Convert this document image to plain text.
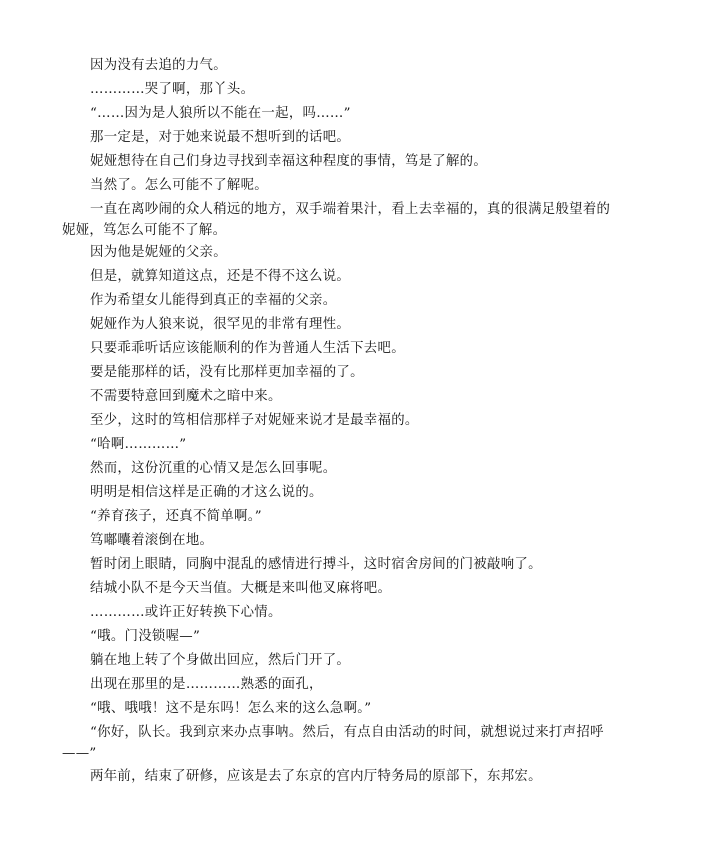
因为没有去追的力气。

…………哭了啊，那丫头。

“……因为是人狼所以不能在一起，吗……”

那一定是，对于她来说最不想听到的话吧。

妮娅想待在自己们身边寻找到幸福这种程度的事情，笃是了解的。

当然了。怎么可能不了解呢。

一直在离吵闹的众人稍远的地方，双手端着果汁，看上去幸福的，真的很满足般望着的妮娅，笃怎么可能不了解。

因为他是妮娅的父亲。

但是，就算知道这点，还是不得不这么说。

作为希望女儿能得到真正的幸福的父亲。

妮娅作为人狼来说，很罕见的非常有理性。

只要乖乖听话应该能顺利的作为普通人生活下去吧。

要是能那样的话，没有比那样更加幸福的了。

不需要特意回到魔术之暗中来。

至少，这时的笃相信那样子对妮娅来说才是最幸福的。

“哈啊…………”

然而，这份沉重的心情又是怎么回事呢。

明明是相信这样是正确的才这么说的。

“养育孩子，还真不简单啊。”

笃嘟囔着滚倒在地。

暂时闭上眼睛，同胸中混乱的感情进行搏斗，这时宿舍房间的门被敲响了。

结城小队不是今天当值。大概是来叫他叉麻将吧。

…………或许正好转换下心情。

“哦。门没锁喔—”

躺在地上转了个身做出回应，然后门开了。

出现在那里的是…………熟悉的面孔，

“哦、哦哦！这不是东吗！怎么来的这么急啊。”

“你好，队长。我到京来办点事呐。然后，有点自由活动的时间，就想说过来打声招呼——”

两年前，结束了研修，应该是去了东京的宫内厅特务局的原部下，东邦宏。
